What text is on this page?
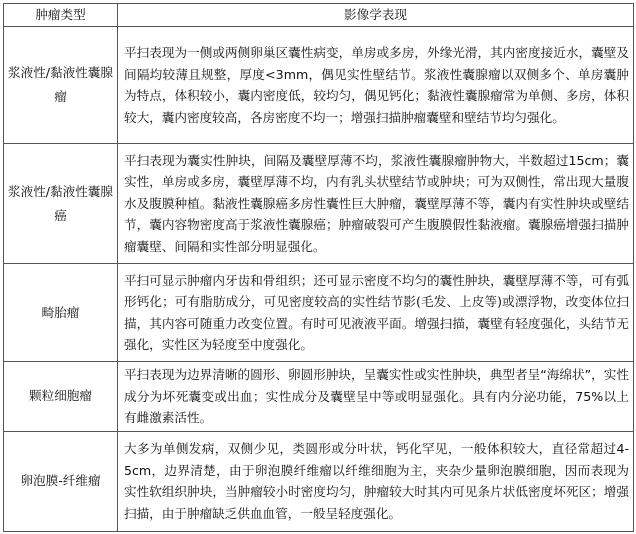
肿瘤类型	影像学表现
浆液性/黏液性囊腺瘤	平扫表现为一侧或两侧卵巢区囊性病变，单房或多房，外缘光滑，其内密度接近水，囊壁及间隔均较薄且规整，厚度<3mm，偶见实性壁结节。浆液性囊腺瘤以双侧多个、单房囊肿为特点，体积较小，囊内密度低，较均匀，偶见钙化；黏液性囊腺瘤常为单侧、多房，体积较大，囊内密度较高，各房密度不均一；增强扫描肿瘤囊壁和壁结节均匀强化。
浆液性/黏液性囊腺癌	平扫表现为囊实性肿块，间隔及囊壁厚薄不均，浆液性囊腺瘤肿物大，半数超过15cm；囊实性，单房或多房，囊壁厚薄不均，内有乳头状壁结节或肿块；可为双侧性，常出现大量腹水及腹膜种植。黏液性囊腺癌多房性囊性巨大肿瘤，囊壁厚薄不等，囊内有实性肿块或壁结节，囊内容物密度高于浆液性囊腺癌；肿瘤破裂可产生腹膜假性黏液瘤。囊腺癌增强扫描肿瘤囊壁、间隔和实性部分明显强化。
畸胎瘤	平扫可显示肿瘤内牙齿和骨组织；还可显示密度不均匀的囊性肿块，囊壁厚薄不等，可有弧形钙化；可有脂肪成分，可见密度较高的实性结节影(毛发、上皮等)或漂浮物，改变体位扫描，其内容可随重力改变位置。有时可见液液平面。增强扫描，囊壁有轻度强化，头结节无强化，实性区为轻度至中度强化。
颗粒细胞瘤	平扫表现为边界清晰的圆形、卵圆形肿块，呈囊实性或实性肿块，典型者呈“海绵状”，实性成分为坏死囊变或出血；实性成分及囊壁呈中等或明显强化。具有内分泌功能，75%以上有雌激素活性。
卵泡膜-纤维瘤	大多为单侧发病，双侧少见，类圆形或分叶状，钙化罕见，一般体积较大，直径常超过4-5cm，边界清楚，由于卵泡膜纤维瘤以纤维细胞为主，夹杂少量卵泡膜细胞，因而表现为实性软组织肿块，当肿瘤较小时密度均匀，肿瘤较大时其内可见条片状低密度坏死区；增强扫描，由于肿瘤缺乏供血血管，一般呈轻度强化。
